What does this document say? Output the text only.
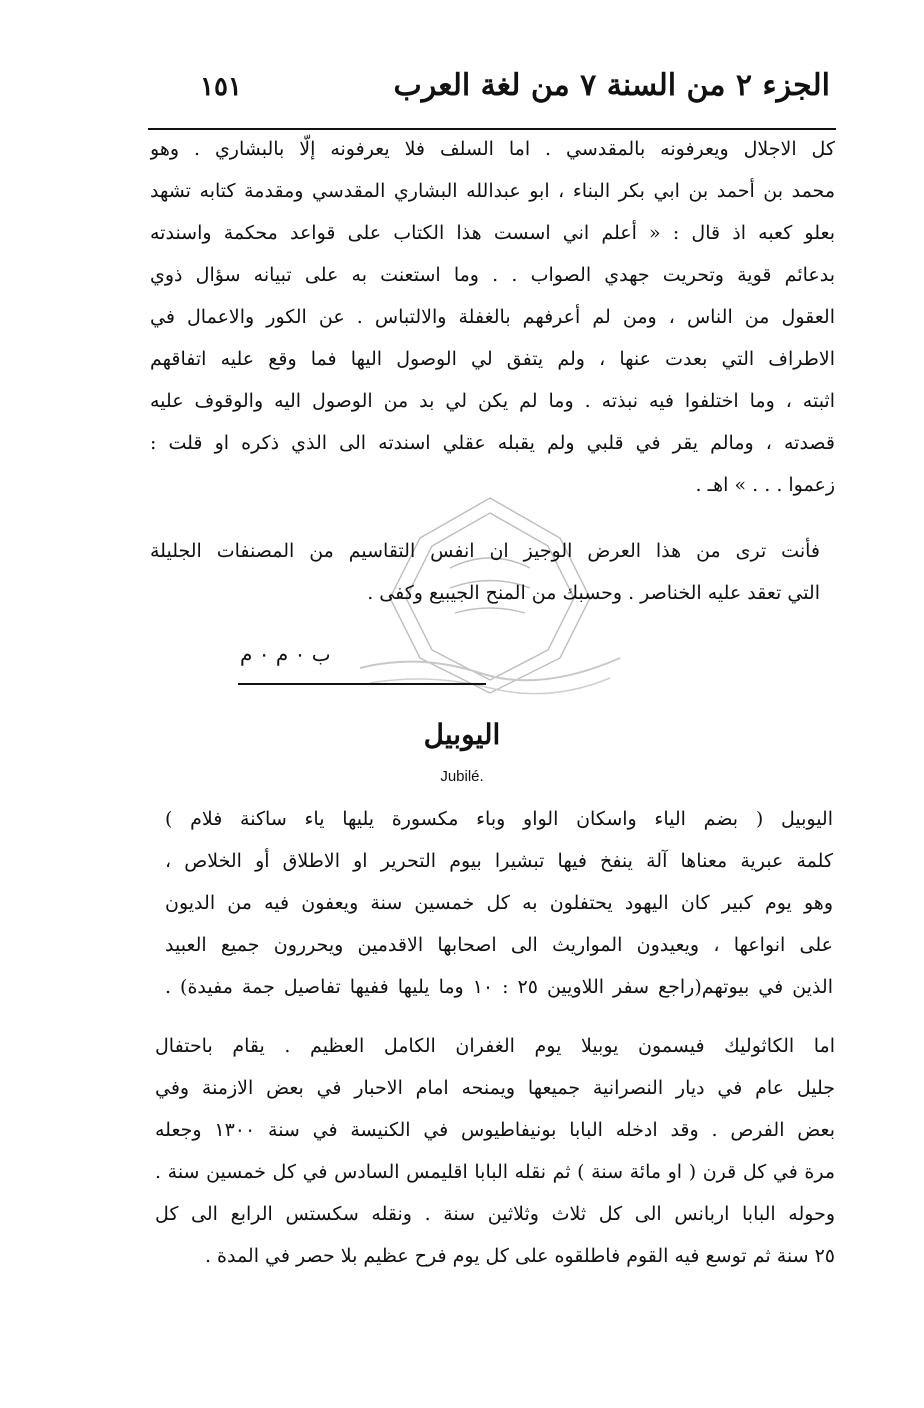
الجزء ٢ من السنة ٧ من لغة العرب
١٥١
كل الاجلال ويعرفونه بالمقدسي . اما السلف فلا يعرفونه إلّا بالبشاري . وهو
محمد بن أحمد بن ابي بكر البناء ، ابو عبدالله البشاري المقدسي ومقدمة كتابه تشهد
بعلو كعبه اذ قال : « أعلم اني اسست هذا الكتاب على قواعد محكمة واسندته
بدعائم قوية وتحريت جهدي الصواب . . وما استعنت به على تبيانه سؤال ذوي
العقول من الناس ، ومن لم أعرفهم بالغفلة والالتباس . عن الكور والاعمال في
الاطراف التي بعدت عنها ، ولم يتفق لي الوصول اليها فما وقع عليه اتفاقهم
اثبته ، وما اختلفوا فيه نبذته . وما لم يكن لي بد من الوصول اليه والوقوف عليه
قصدته ، ومالم يقر في قلبي ولم يقبله عقلي اسندته الى الذي ذكره او قلت :
زعموا . . . » اهـ .
فأنت ترى من هذا العرض الوجيز ان انفس التقاسيم من المصنفات الجليلة
التي تعقد عليه الخناصر . وحسبك من المنح الجيبيع وكفى .
ب ٠ م ٠ م
اليوبيل
Jubilé.
اليوبيل ( بضم الياء واسكان الواو وباء مكسورة يليها ياء ساكنة فلام )
كلمة عبرية معناها آلة ينفخ فيها تبشيرا بيوم التحرير او الاطلاق أو الخلاص ،
وهو يوم كبير كان اليهود يحتفلون به كل خمسين سنة ويعفون فيه من الديون
على انواعها ، ويعيدون المواريث الى اصحابها الاقدمين ويحررون جميع العبيد
الذين في بيوتهم(راجع سفر اللاويين ٢٥ : ١٠ وما يليها ففيها تفاصيل جمة مفيدة) .
اما الكاثوليك فيسمون يوبيلا يوم الغفران الكامل العظيم . يقام باحتفال
جليل عام في ديار النصرانية جميعها ويمنحه امام الاحبار في بعض الازمنة وفي
بعض الفرص . وقد ادخله البابا بونيفاطيوس في الكنيسة في سنة ١٣٠٠ وجعله
مرة في كل قرن ( او مائة سنة ) ثم نقله البابا اقليمس السادس في كل خمسين سنة .
وحوله البابا اربانس الى كل ثلاث وثلاثين سنة . ونقله سكستس الرابع الى كل
٢٥ سنة ثم توسع فيه القوم فاطلقوه على كل يوم فرح عظيم بلا حصر في المدة .
